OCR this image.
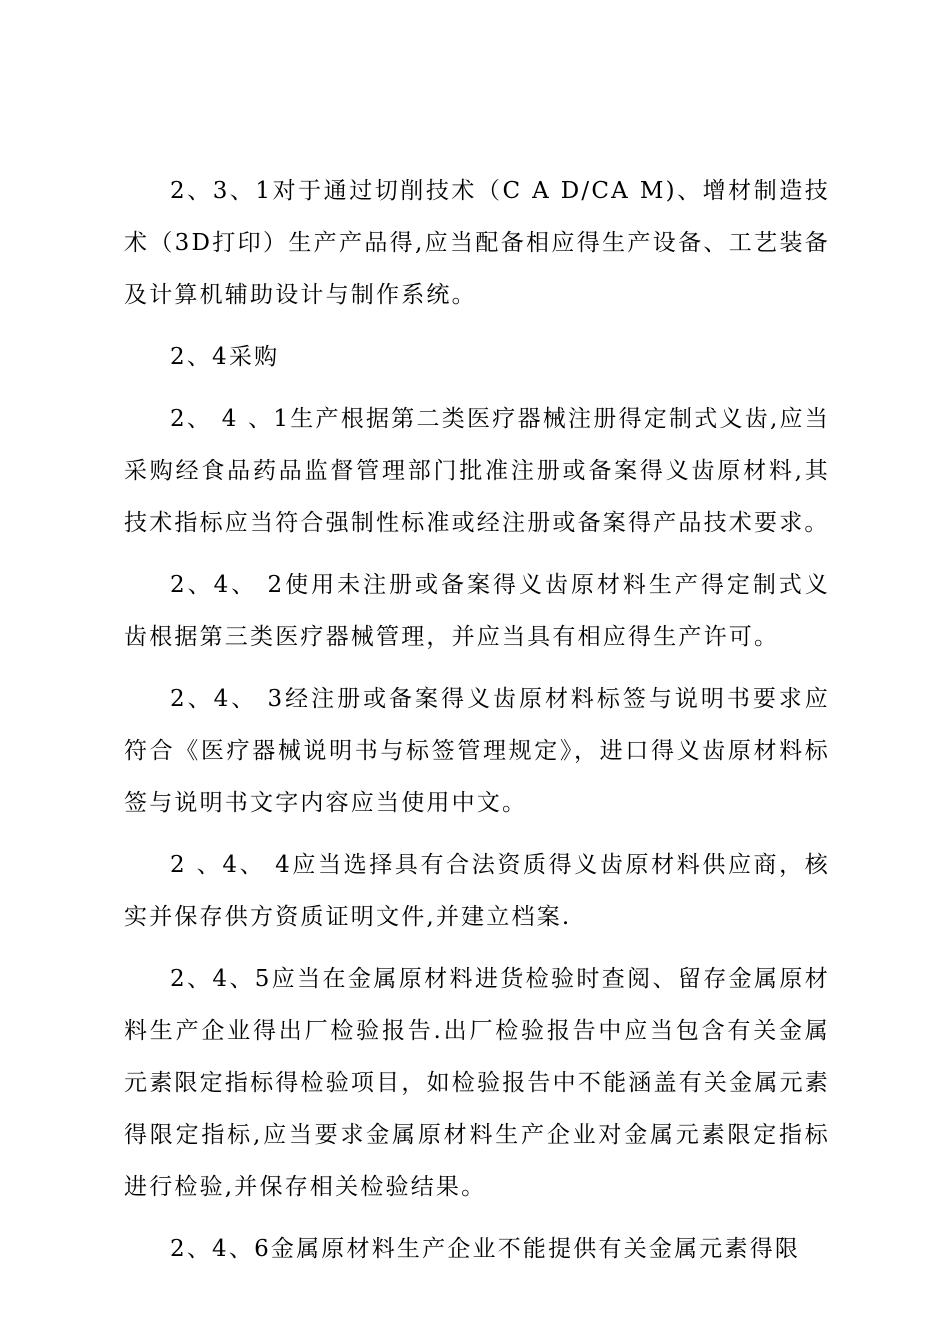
2、3、1对于通过切削技术（C A D/CA M)、增材制造技术（3D打印）生产产品得,应当配备相应得生产设备、工艺装备及计算机辅助设计与制作系统。

2、4采购

2、 4 、1生产根据第二类医疗器械注册得定制式义齿,应当采购经食品药品监督管理部门批准注册或备案得义齿原材料,其技术指标应当符合强制性标准或经注册或备案得产品技术要求。

2、4、 2使用未注册或备案得义齿原材料生产得定制式义齿根据第三类医疗器械管理，并应当具有相应得生产许可。

2、4、 3经注册或备案得义齿原材料标签与说明书要求应符合《医疗器械说明书与标签管理规定》，进口得义齿原材料标签与说明书文字内容应当使用中文。

2 、4、 4应当选择具有合法资质得义齿原材料供应商，核实并保存供方资质证明文件,并建立档案.

2、4、5应当在金属原材料进货检验时查阅、留存金属原材料生产企业得出厂检验报告.出厂检验报告中应当包含有关金属元素限定指标得检验项目，如检验报告中不能涵盖有关金属元素得限定指标,应当要求金属原材料生产企业对金属元素限定指标进行检验,并保存相关检验结果。

2、4、6金属原材料生产企业不能提供有关金属元素得限
